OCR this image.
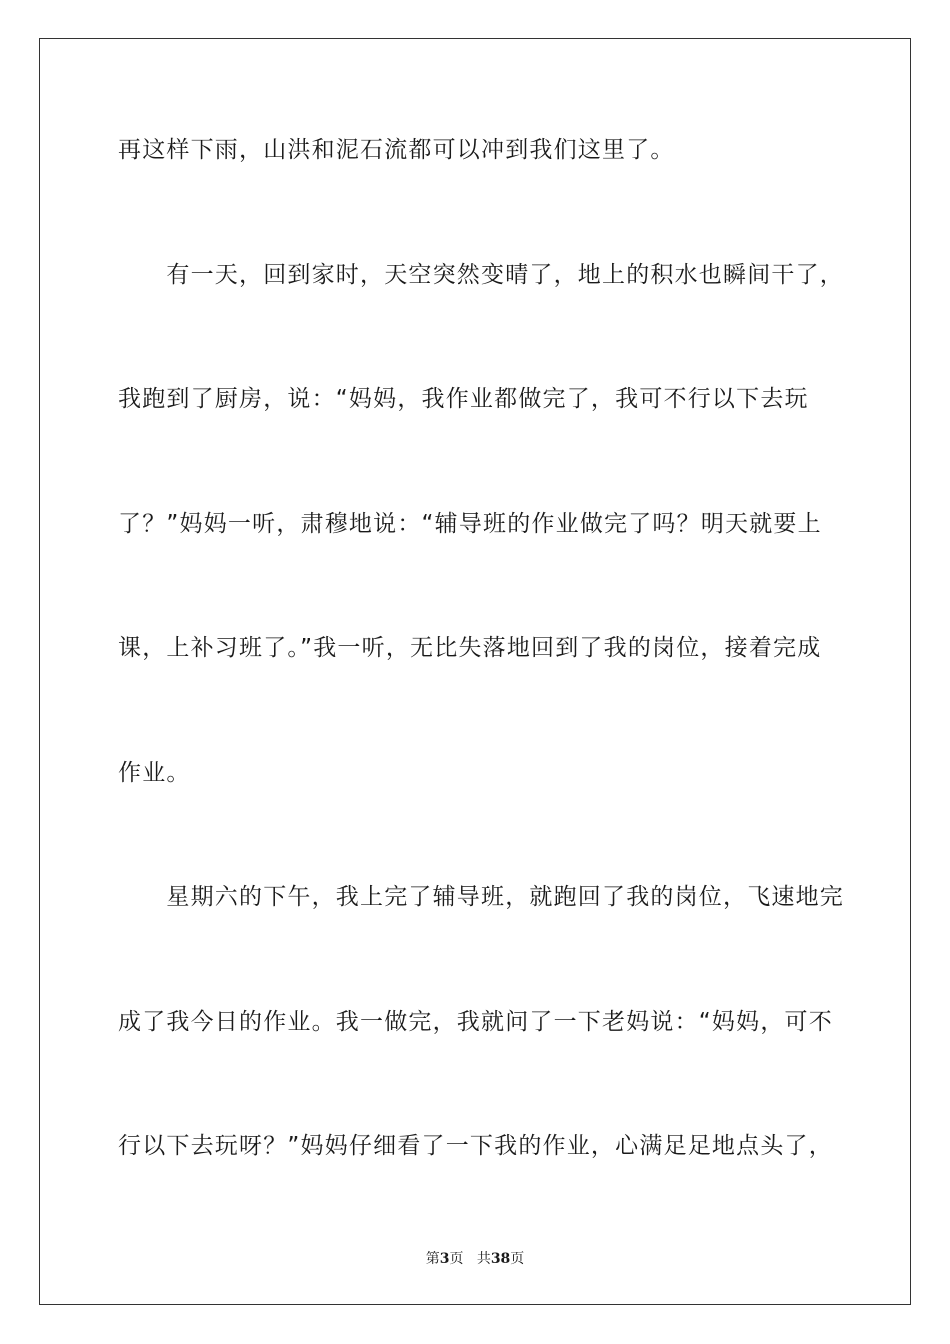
再这样下雨，山洪和泥石流都可以冲到我们这里了。
　　有一天，回到家时，天空突然变晴了，地上的积水也瞬间干了，
我跑到了厨房，说：“妈妈，我作业都做完了，我可不行以下去玩
了？”妈妈一听，肃穆地说：“辅导班的作业做完了吗？明天就要上
课，上补习班了。”我一听，无比失落地回到了我的岗位，接着完成
作业。
　　星期六的下午，我上完了辅导班，就跑回了我的岗位，飞速地完
成了我今日的作业。我一做完，我就问了一下老妈说：“妈妈，可不
行以下去玩呀？”妈妈仔细看了一下我的作业，心满足足地点头了，
第3页 共38页
